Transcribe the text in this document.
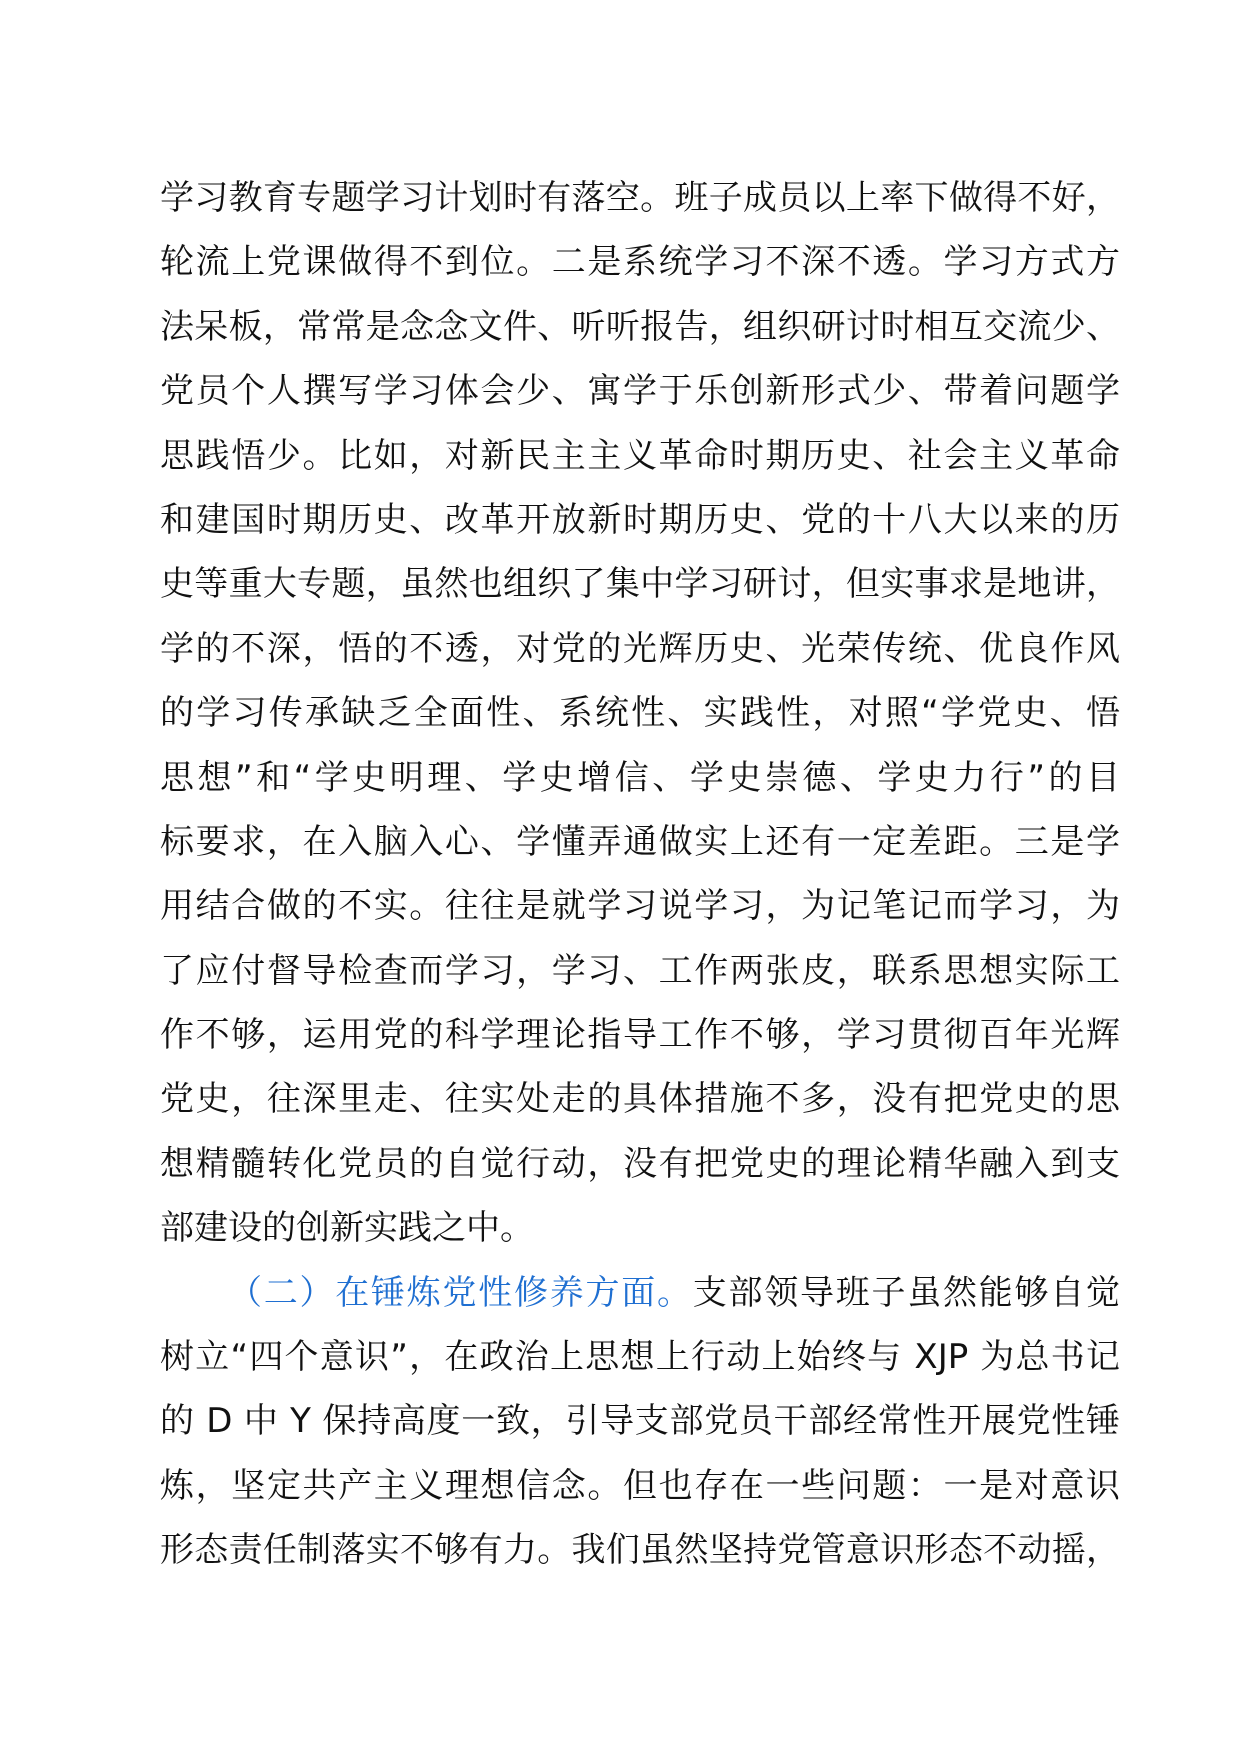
学习教育专题学习计划时有落空。班子成员以上率下做得不好，
轮流上党课做得不到位。二是系统学习不深不透。学习方式方
法呆板，常常是念念文件、听听报告，组织研讨时相互交流少、
党员个人撰写学习体会少、寓学于乐创新形式少、带着问题学
思践悟少。比如，对新民主主义革命时期历史、社会主义革命
和建国时期历史、改革开放新时期历史、党的十八大以来的历
史等重大专题，虽然也组织了集中学习研讨，但实事求是地讲，
学的不深，悟的不透，对党的光辉历史、光荣传统、优良作风
的学习传承缺乏全面性、系统性、实践性，对照“学党史、悟
思想”和“学史明理、学史增信、学史崇德、学史力行”的目
标要求，在入脑入心、学懂弄通做实上还有一定差距。三是学
用结合做的不实。往往是就学习说学习，为记笔记而学习，为
了应付督导检查而学习，学习、工作两张皮，联系思想实际工
作不够，运用党的科学理论指导工作不够，学习贯彻百年光辉
党史，往深里走、往实处走的具体措施不多，没有把党史的思
想精髓转化党员的自觉行动，没有把党史的理论精华融入到支
部建设的创新实践之中。
（二）在锤炼党性修养方面。支部领导班子虽然能够自觉
树立“四个意识”，在政治上思想上行动上始终与 XJP 为总书记
的 D 中 Y 保持高度一致，引导支部党员干部经常性开展党性锤
炼，坚定共产主义理想信念。但也存在一些问题：一是对意识
形态责任制落实不够有力。我们虽然坚持党管意识形态不动摇，
